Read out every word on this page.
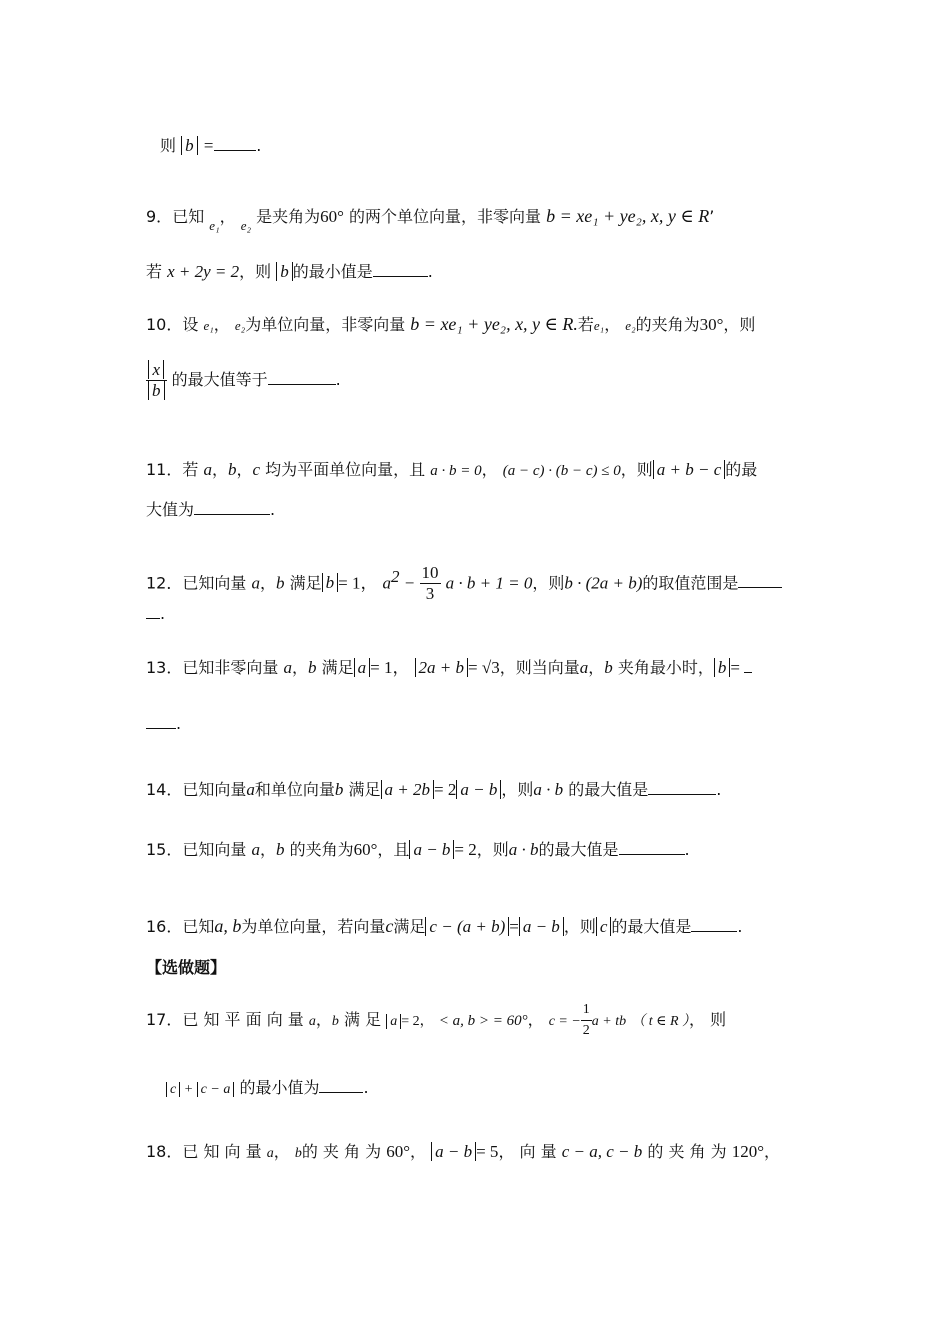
则 b =	.
9．已知 $_{e_1}$， $_{e_2}$ 是夹角为60° 的两个单位向量，非零向量 b = xe₁ + ye₂, x, y ∈ R’
若 x + 2y = 2，则 b 的最小值是	.
10．设 e₁， e₂为单位向量，非零向量 b = xe₁ + ye₂, x, y ∈ R.若e₁， e₂的夹角为30°，则
$\frac{x}{b}$ 的最大值等于	.
11．若 a，b，c 均为平面单位向量，且 a · b = 0， (a − c) · (b − c) ≤ 0，则 a + b − c 的最
大值为	.
12．已知向量 a，b 满足 b = 1， $a^2 - \frac{10}{3}$ a · b + 1 = 0，则b · (2a + b)的取值范围是
.
13．已知非零向量 a，b 满足 a = 1， 2a + b = √3，则当向量a，b 夹角最小时， b =
.
14．已知向量a和单位向量b 满足 a + 2b = 2 a − b ，则a · b 的最大值是	.
15．已知向量 a，b 的夹角为60°，且 a − b = 2，则a · b的最大值是	.
16．已知a, b为单位向量，若向量c满足 c − (a + b) = a − b ，则 c 的最大值是	.
【选做题】
17．已 知 平 面 向 量 a，b 满 足 a = 2， < a, b > = 60°， c = − $\frac{1}{2}$ a + tb （ t ∈ R ）， 则
c + c − a 的最小值为	.
18．已 知 向 量 a， b的 夹 角 为 60°， a − b = 5， 向 量 c − a, c − b 的 夹 角 为 120°，
